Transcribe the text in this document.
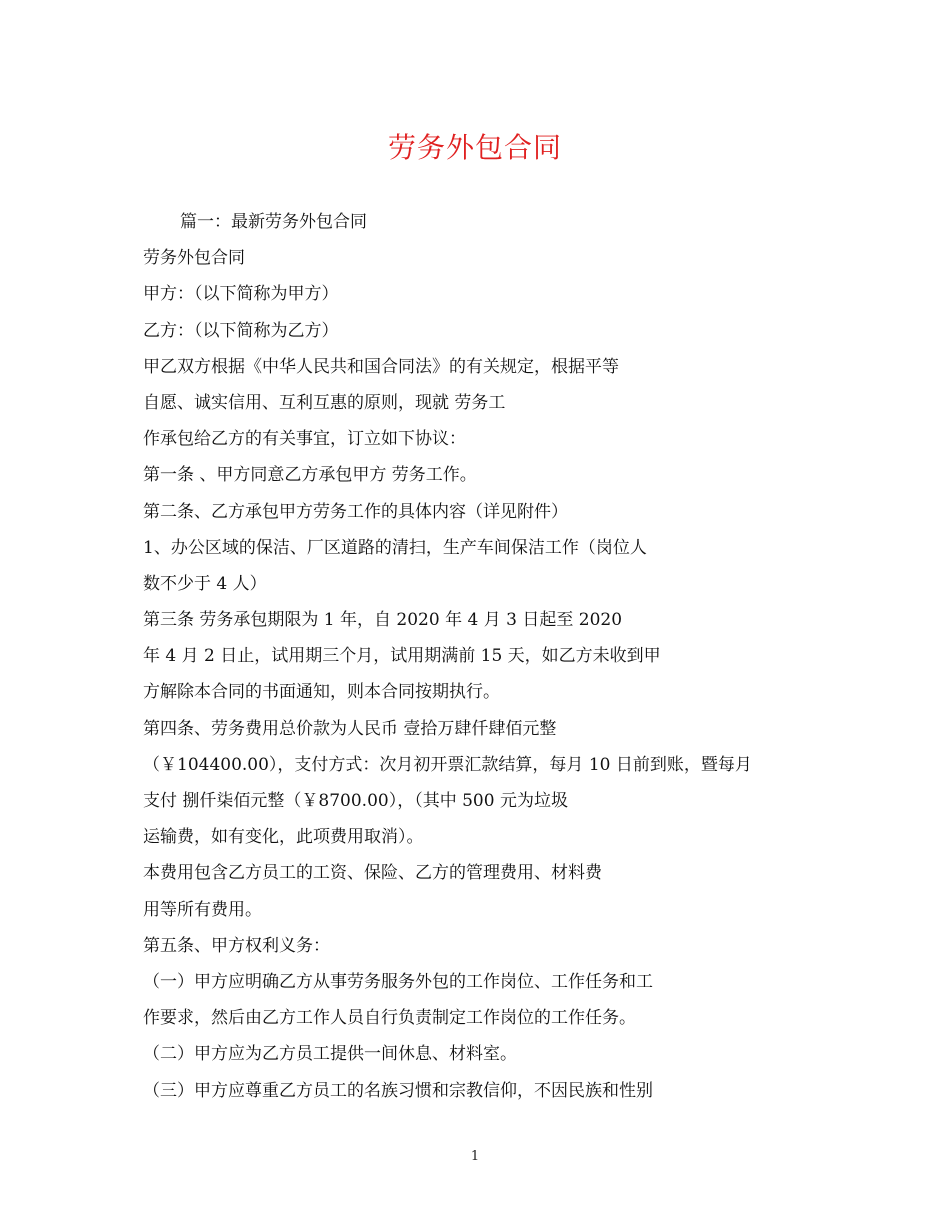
劳务外包合同
篇一：最新劳务外包合同
劳务外包合同
甲方：（以下简称为甲方）
乙方：（以下简称为乙方）
甲乙双方根据《中华人民共和国合同法》的有关规定，根据平等
自愿、诚实信用、互利互惠的原则，现就 劳务工
作承包给乙方的有关事宜，订立如下协议：
第一条 、甲方同意乙方承包甲方 劳务工作。
第二条、乙方承包甲方劳务工作的具体内容（详见附件）
1、办公区域的保洁、厂区道路的清扫，生产车间保洁工作（岗位人
数不少于 4 人）
第三条 劳务承包期限为 1 年，自 2020 年 4 月 3 日起至 2020
年 4 月 2 日止，试用期三个月，试用期满前 15 天，如乙方未收到甲
方解除本合同的书面通知，则本合同按期执行。
第四条、劳务费用总价款为人民币 壹拾万肆仟肆佰元整
（￥104400.00），支付方式：次月初开票汇款结算，每月 10 日前到账，暨每月
支付 捌仟柒佰元整（￥8700.00），（其中 500 元为垃圾
运输费，如有变化，此项费用取消）。
本费用包含乙方员工的工资、保险、乙方的管理费用、材料费
用等所有费用。
第五条、甲方权利义务：
（一）甲方应明确乙方从事劳务服务外包的工作岗位、工作任务和工
作要求，然后由乙方工作人员自行负责制定工作岗位的工作任务。
（二）甲方应为乙方员工提供一间休息、材料室。
（三）甲方应尊重乙方员工的名族习惯和宗教信仰，不因民族和性别
1
